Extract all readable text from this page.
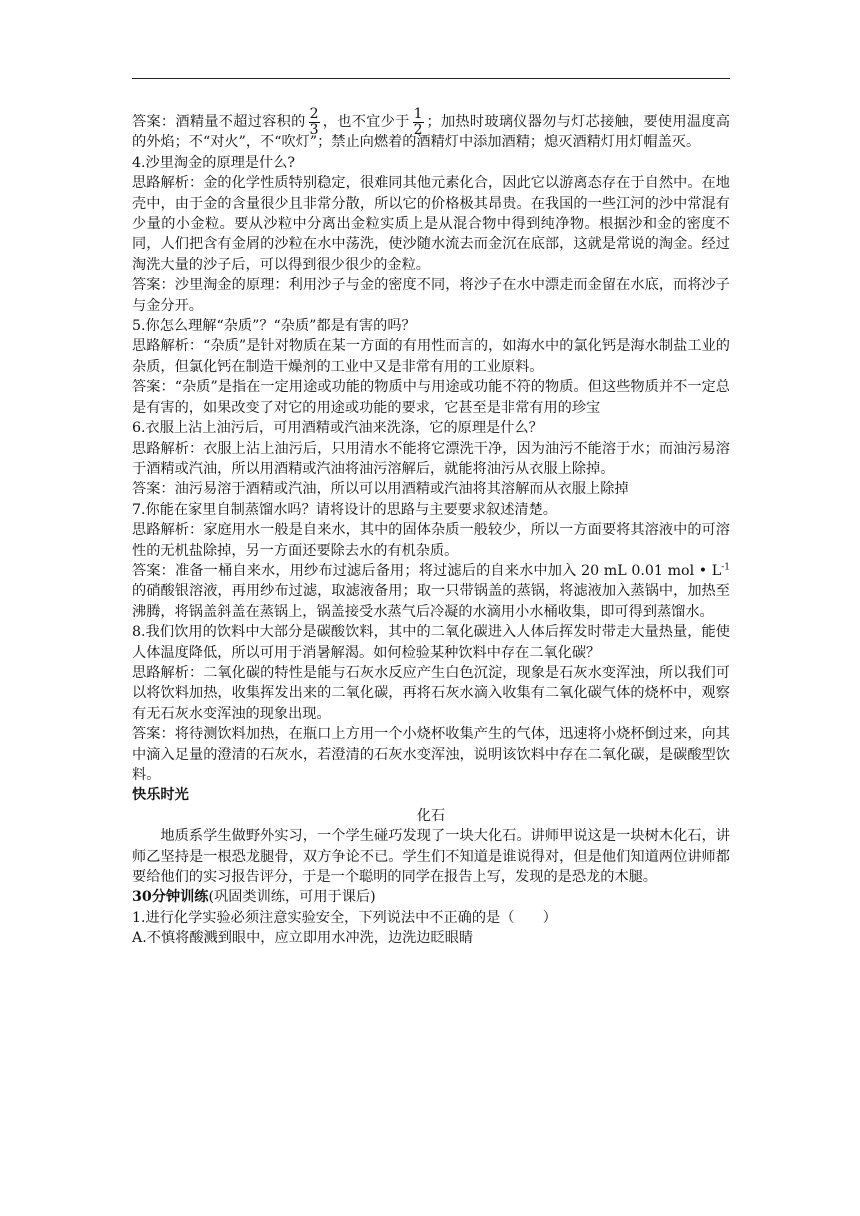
答案：酒精量不超过容积的 $\frac{2}{3}$ ，也不宜少于 $\frac{1}{2}$ ；加热时玻璃仪器勿与灯芯接触，要使用温度高的外焰；不“对火”，不“吹灯”；禁止向燃着的酒精灯中添加酒精；熄灭酒精灯用灯帽盖灭。

4.沙里淘金的原理是什么?

思路解析：金的化学性质特别稳定，很难同其他元素化合，因此它以游离态存在于自然中。在地壳中，由于金的含量很少且非常分散，所以它的价格极其昂贵。在我国的一些江河的沙中常混有少量的小金粒。要从沙粒中分离出金粒实质上是从混合物中得到纯净物。根据沙和金的密度不同，人们把含有金屑的沙粒在水中荡洗，使沙随水流去而金沉在底部，这就是常说的淘金。经过淘洗大量的沙子后，可以得到很少很少的金粒。

答案：沙里淘金的原理：利用沙子与金的密度不同，将沙子在水中漂走而金留在水底，而将沙子与金分开。

5.你怎么理解“杂质”？“杂质”都是有害的吗？

思路解析：“杂质”是针对物质在某一方面的有用性而言的，如海水中的氯化钙是海水制盐工业的杂质，但氯化钙在制造干燥剂的工业中又是非常有用的工业原料。

答案：“杂质”是指在一定用途或功能的物质中与用途或功能不符的物质。但这些物质并不一定总是有害的，如果改变了对它的用途或功能的要求，它甚至是非常有用的珍宝

6.衣服上沾上油污后，可用酒精或汽油来洗涤，它的原理是什么？

思路解析：衣服上沾上油污后，只用清水不能将它漂洗干净，因为油污不能溶于水；而油污易溶于酒精或汽油，所以用酒精或汽油将油污溶解后，就能将油污从衣服上除掉。

答案：油污易溶于酒精或汽油，所以可以用酒精或汽油将其溶解而从衣服上除掉

7.你能在家里自制蒸馏水吗？请将设计的思路与主要要求叙述清楚。

思路解析：家庭用水一般是自来水，其中的固体杂质一般较少，所以一方面要将其溶液中的可溶性的无机盐除掉，另一方面还要除去水的有机杂质。

答案：准备一桶自来水，用纱布过滤后备用；将过滤后的自来水中加入 20 mL 0.01 mol • $L^{-1}$的硝酸银溶液，再用纱布过滤，取滤液备用；取一只带锅盖的蒸锅，将滤液加入蒸锅中，加热至沸腾，将锅盖斜盖在蒸锅上，锅盖接受水蒸气后冷凝的水滴用小水桶收集，即可得到蒸馏水。

8.我们饮用的饮料中大部分是碳酸饮料，其中的二氧化碳进入人体后挥发时带走大量热量，能使人体温度降低，所以可用于消暑解渴。如何检验某种饮料中存在二氧化碳？

思路解析：二氧化碳的特性是能与石灰水反应产生白色沉淀，现象是石灰水变浑浊，所以我们可以将饮料加热，收集挥发出来的二氧化碳，再将石灰水滴入收集有二氧化碳气体的烧杯中，观察有无石灰水变浑浊的现象出现。

答案：将待测饮料加热，在瓶口上方用一个小烧杯收集产生的气体，迅速将小烧杯倒过来，向其中滴入足量的澄清的石灰水，若澄清的石灰水变浑浊，说明该饮料中存在二氧化碳，是碳酸型饮料。

快乐时光

化石

地质系学生做野外实习，一个学生碰巧发现了一块大化石。讲师甲说这是一块树木化石，讲师乙坚持是一根恐龙腿骨，双方争论不已。学生们不知道是谁说得对，但是他们知道两位讲师都要给他们的实习报告评分，于是一个聪明的同学在报告上写，发现的是恐龙的木腿。

30分钟训练(巩固类训练，可用于课后)

1.进行化学实验必须注意实验安全，下列说法中不正确的是（　　）

A.不慎将酸溅到眼中，应立即用水冲洗，边洗边眨眼睛
